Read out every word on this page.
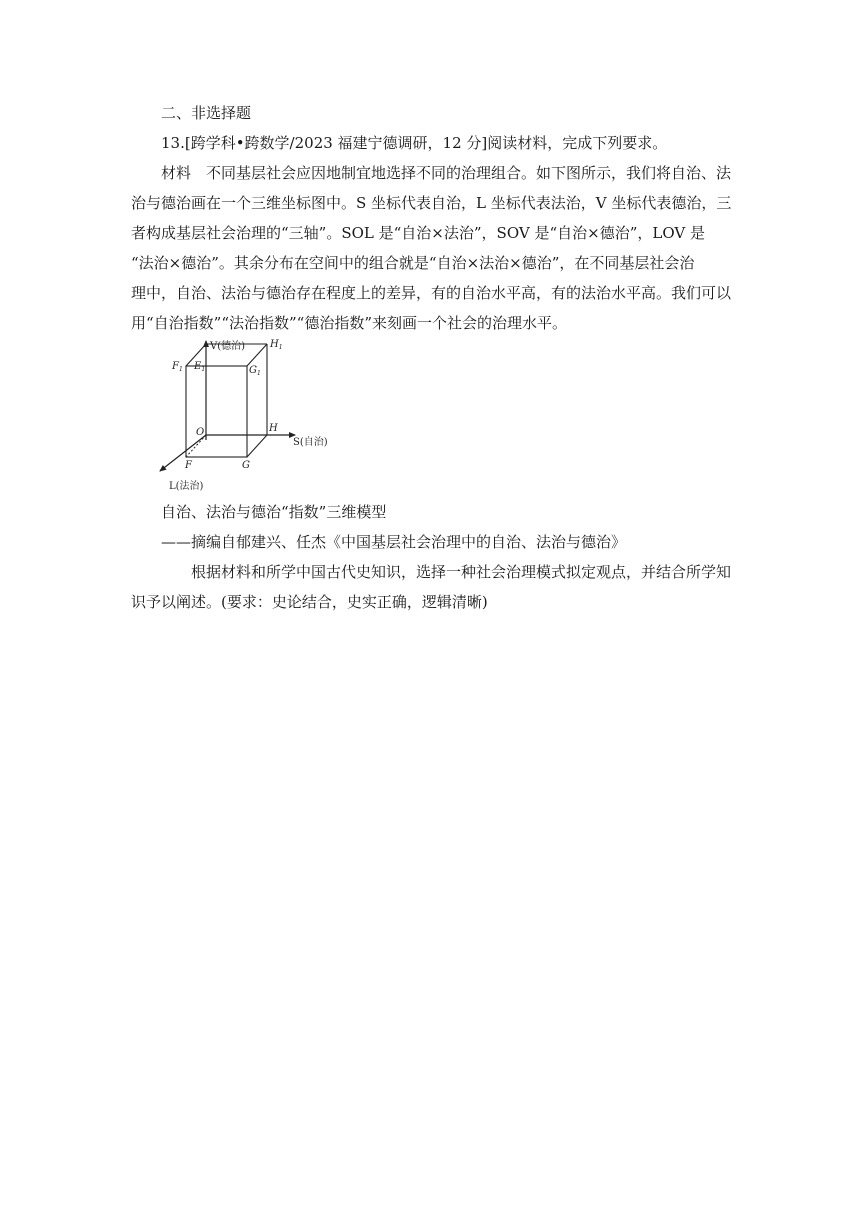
二、非选择题
13.[跨学科•跨数学/2023 福建宁德调研，12 分]阅读材料，完成下列要求。
材料　不同基层社会应因地制宜地选择不同的治理组合。如下图所示，我们将自治、法
治与德治画在一个三维坐标图中。S 坐标代表自治，L 坐标代表法治，V 坐标代表德治，三
者构成基层社会治理的“三轴”。SOL 是“自治×法治”，SOV 是“自治×德治”，LOV 是
“法治×德治”。其余分布在空间中的组合就是“自治×法治×德治”，在不同基层社会治
理中，自治、法治与德治存在程度上的差异，有的自治水平高，有的法治水平高。我们可以
用“自治指数”“法治指数”“德治指数”来刻画一个社会的治理水平。
V(德治)
S(自治)
L(法治)
$E_1$
$H_1$
$F_1$	$G_1$
O	H
F	G
自治、法治与德治“指数”三维模型
——摘编自郁建兴、任杰《中国基层社会治理中的自治、法治与德治》
根据材料和所学中国古代史知识，选择一种社会治理模式拟定观点，并结合所学知
识予以阐述。(要求：史论结合，史实正确，逻辑清晰)
